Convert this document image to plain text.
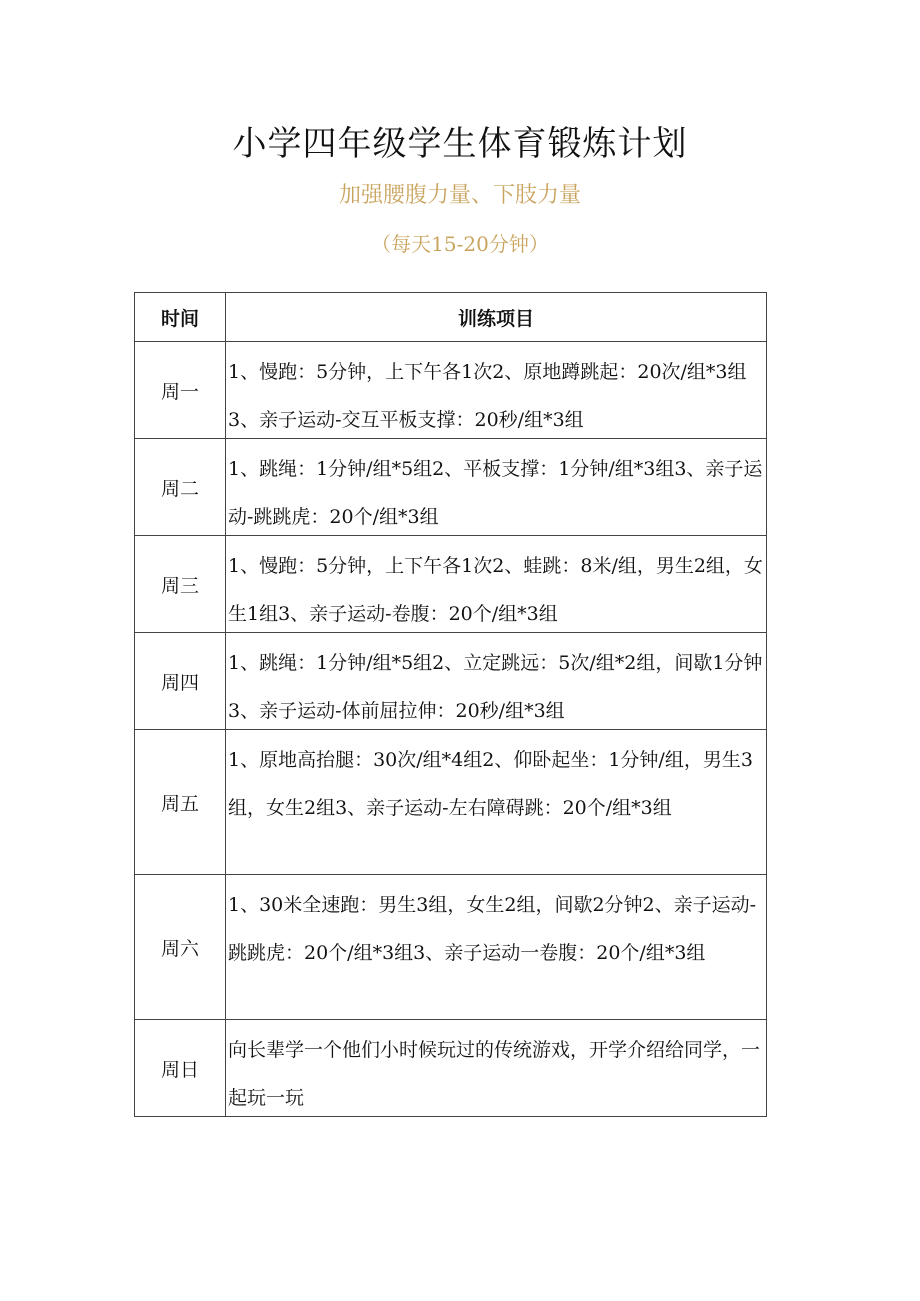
小学四年级学生体育锻炼计划
加强腰腹力量、下肢力量
（每天15-20分钟）
时间	训练项目
周一	1、慢跑：5分钟，上下午各1次2、原地蹲跳起：20次/组*3组3、亲子运动-交互平板支撑：20秒/组*3组

周二	1、跳绳：1分钟/组*5组2、平板支撑：1分钟/组*3组3、亲子运动-跳跳虎：20个/组*3组

周三	1、慢跑：5分钟，上下午各1次2、蛙跳：8米/组，男生2组，女生1组3、亲子运动-卷腹：20个/组*3组

周四	1、跳绳：1分钟/组*5组2、立定跳远：5次/组*2组，间歇1分钟3、亲子运动-体前屈拉伸：20秒/组*3组

周五	1、原地高抬腿：30次/组*4组2、仰卧起坐：1分钟/组，男生3组，女生2组3、亲子运动-左右障碍跳：20个/组*3组

周六	1、30米全速跑：男生3组，女生2组，间歇2分钟2、亲子运动-跳跳虎：20个/组*3组3、亲子运动一卷腹：20个/组*3组

周日	向长辈学一个他们小时候玩过的传统游戏，开学介绍给同学，一起玩一玩
